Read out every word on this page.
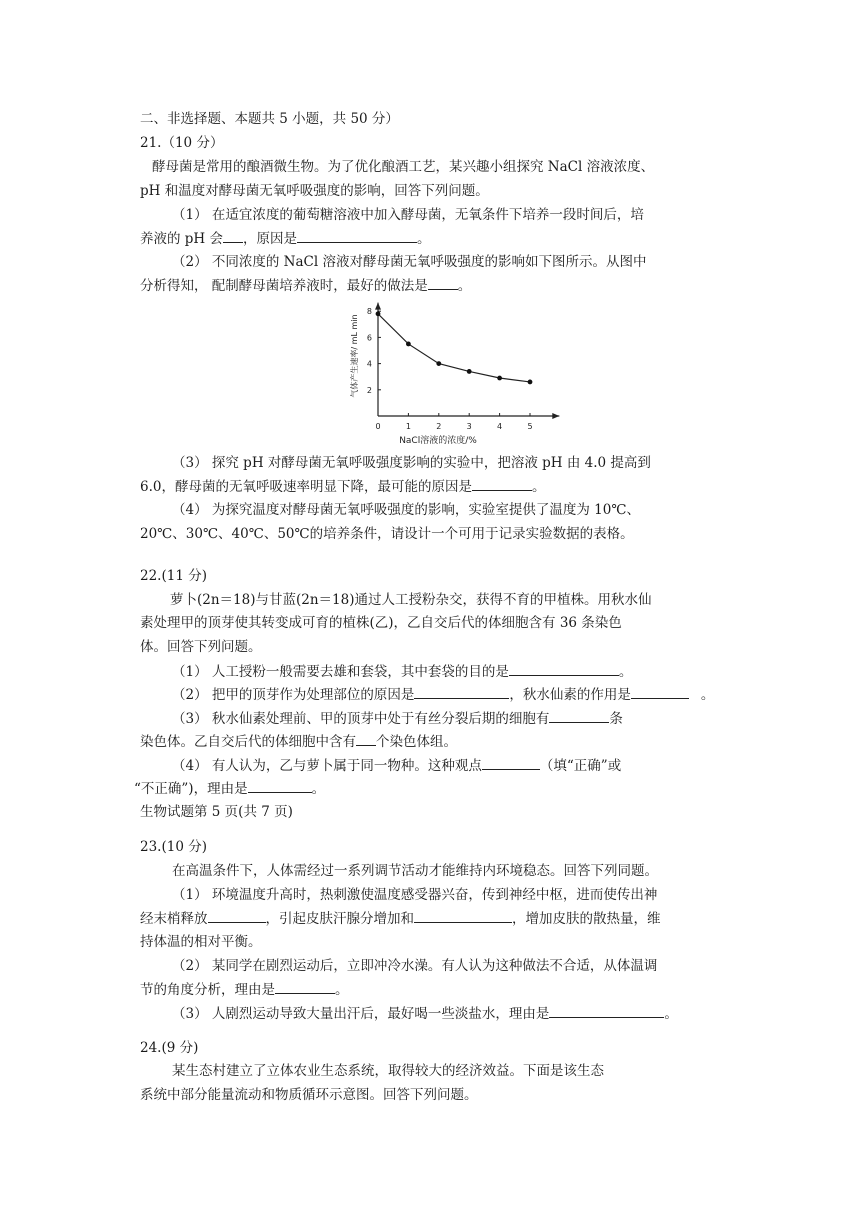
二、非选择题、本题共 5 小题，共 50 分）
21.（10 分）
酵母菌是常用的酿酒微生物。为了优化酿酒工艺，某兴趣小组探究 NaCl 溶液浓度、
pH 和温度对酵母菌无氧呼吸强度的影响，回答下列问题。
（1） 在适宜浓度的葡萄糖溶液中加入酵母菌，无氧条件下培养一段时间后，培
养液的 pH 会 ，原因是	。
（2） 不同浓度的 NaCl 溶液对酵母菌无氧呼吸强度的影响如下图所示。从图中
分析得知， 配制酵母菌培养液时，最好的做法是 。
0	1	2	3	4	5
2
4
6
8
NaCl溶液的浓度/%
气体产生速率/ mL min
（3） 探究 pH 对酵母菌无氧呼吸强度影响的实验中，把溶液 pH 由 4.0 提高到
6.0，酵母菌的无氧呼吸速率明显下降，最可能的原因是	。
（4） 为探究温度对酵母菌无氧呼吸强度的影响，实验室提供了温度为 10℃、
20℃、30℃、40℃、50℃的培养条件，请设计一个可用于记录实验数据的表格。
22.(11 分)
萝卜(2n＝18)与甘蓝(2n＝18)通过人工授粉杂交，获得不育的甲植株。用秋水仙
素处理甲的顶芽使其转变成可育的植株(乙)，乙自交后代的体细胞含有 36 条染色
体。回答下列问题。
（1） 人工授粉一般需要去雄和套袋，其中套袋的目的是	。
（2） 把甲的顶芽作为处理部位的原因是	，秋水仙素的作用是	。
（3） 秋水仙素处理前、甲的顶芽中处于有丝分裂后期的细胞有	条
染色体。乙自交后代的体细胞中含有 个染色体组。
（4） 有人认为，乙与萝卜属于同一物种。这种观点	（填“正确”或
“不正确”)，理由是	。
生物试题第 5 页(共 7 页)
23.(10 分)
在高温条件下，人体需经过一系列调节活动才能维持内环境稳态。回答下列同题。
（1） 环境温度升高时，热刺激使温度感受器兴奋，传到神经中枢，进而使传出神
经末梢释放	，引起皮肤汗腺分增加和	，增加皮肤的散热量，维
持体温的相对平衡。
（2） 某同学在剧烈运动后，立即冲冷水澡。有人认为这种做法不合适，从体温调
节的角度分析，理由是	。
（3） 人剧烈运动导致大量出汗后，最好喝一些淡盐水，理由是	。
24.(9 分)
某生态村建立了立体农业生态系统，取得较大的经济效益。下面是该生态
系统中部分能量流动和物质循环示意图。回答下列问题。
